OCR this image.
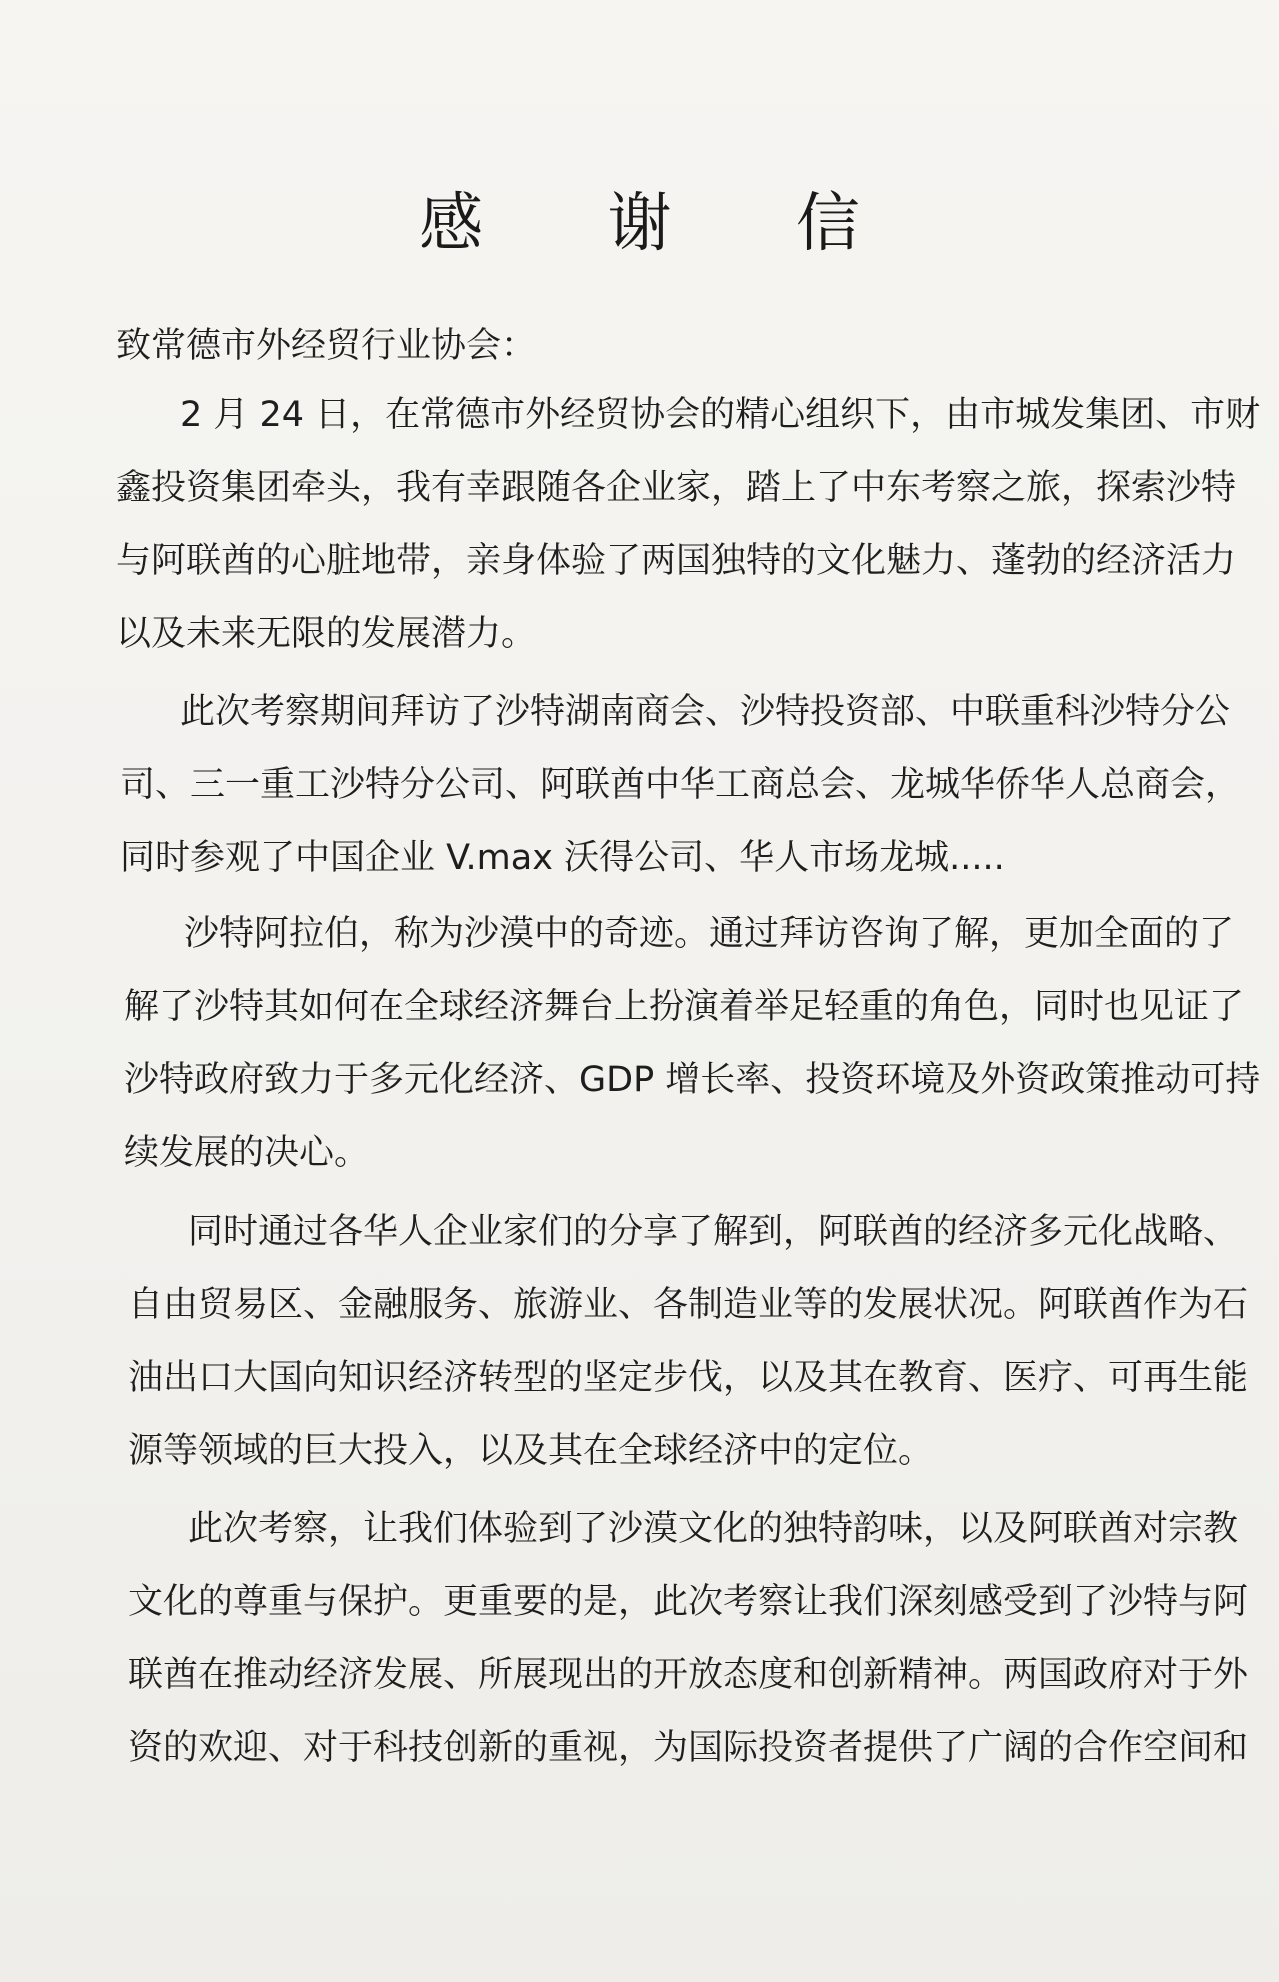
感 谢 信

致常德市外经贸行业协会：

2 月 24 日，在常德市外经贸协会的精心组织下，由市城发集团、市财

鑫投资集团牵头，我有幸跟随各企业家，踏上了中东考察之旅，探索沙特

与阿联酋的心脏地带，亲身体验了两国独特的文化魅力、蓬勃的经济活力

以及未来无限的发展潜力。

此次考察期间拜访了沙特湖南商会、沙特投资部、中联重科沙特分公

司、三一重工沙特分公司、阿联酋中华工商总会、龙城华侨华人总商会，

同时参观了中国企业 V.max 沃得公司、华人市场龙城.....

沙特阿拉伯，称为沙漠中的奇迹。通过拜访咨询了解，更加全面的了

解了沙特其如何在全球经济舞台上扮演着举足轻重的角色，同时也见证了

沙特政府致力于多元化经济、GDP 增长率、投资环境及外资政策推动可持

续发展的决心。

同时通过各华人企业家们的分享了解到，阿联酋的经济多元化战略、

自由贸易区、金融服务、旅游业、各制造业等的发展状况。阿联酋作为石

油出口大国向知识经济转型的坚定步伐，以及其在教育、医疗、可再生能

源等领域的巨大投入，以及其在全球经济中的定位。

此次考察，让我们体验到了沙漠文化的独特韵味，以及阿联酋对宗教

文化的尊重与保护。更重要的是，此次考察让我们深刻感受到了沙特与阿

联酋在推动经济发展、所展现出的开放态度和创新精神。两国政府对于外

资的欢迎、对于科技创新的重视，为国际投资者提供了广阔的合作空间和
